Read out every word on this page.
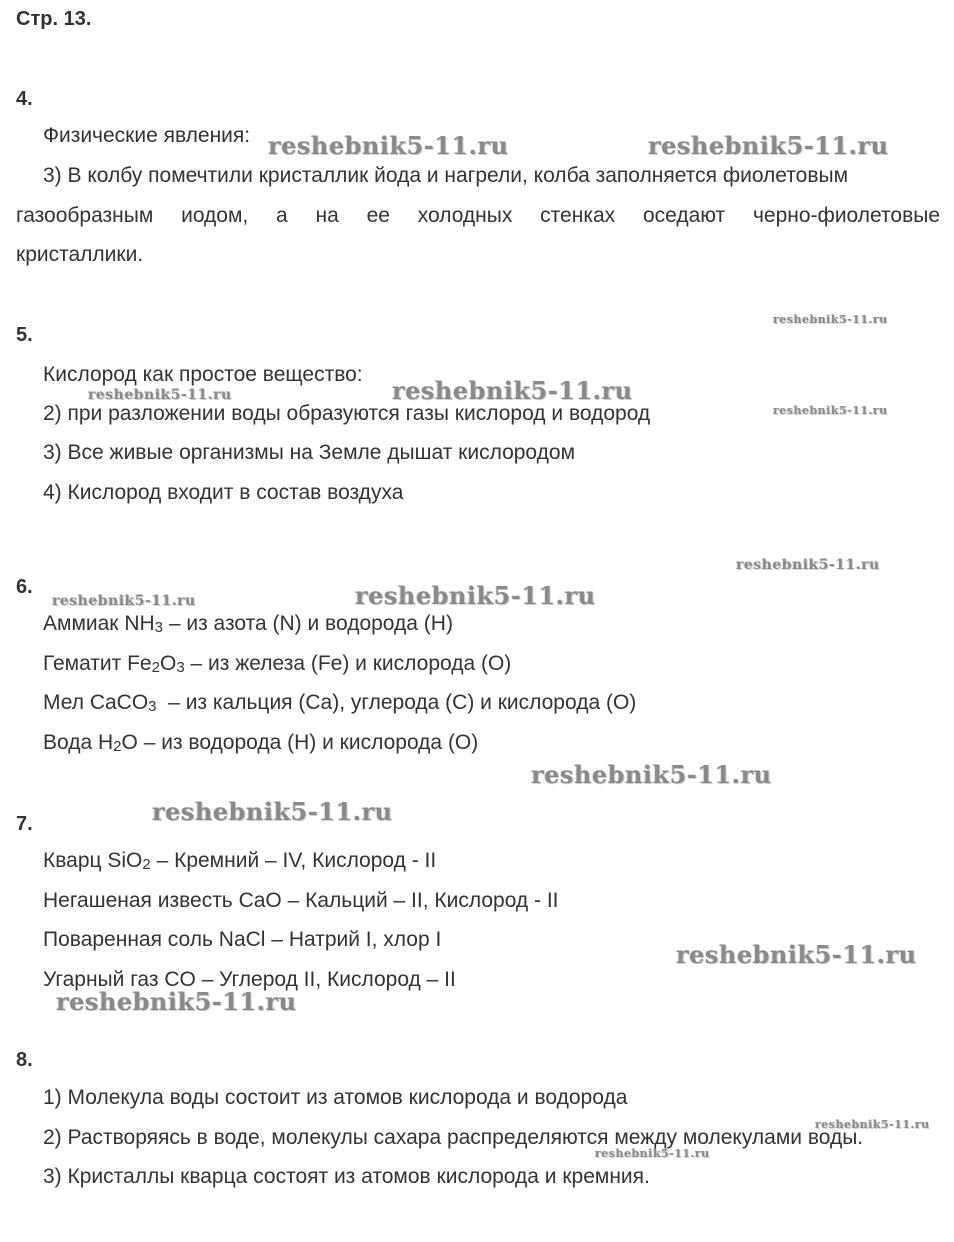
Стр. 13.
4.
Физические явления:
3) В колбу помечтили кристаллик йода и нагрели, колба заполняется фиолетовым
газообразным иодом, а на ее холодных стенках оседают черно-фиолетовые
кристаллики.
5.
Кислород как простое вещество:
2) при разложении воды образуются газы кислород и водород
3) Все живые организмы на Земле дышат кислородом
4) Кислород входит в состав воздуха
6.
Аммиак $NH_3$ – из азота (N) и водорода (H)
Гематит $Fe_2O_3$ – из железа (Fe) и кислорода (O)
Мел CaCO$_3$  – из кальция (Ca), углерода (C) и кислорода (O)
Вода $H_2O$ – из водорода (H) и кислорода (O)
7.
Кварц SiO$_2$ – Кремний – IV, Кислород - II
Негашеная известь CaO – Кальций – II, Кислород - II
Поваренная соль NaCl – Натрий I, хлор I
Угарный газ CO – Углерод II, Кислород – II
8.
1) Молекула воды состоит из атомов кислорода и водорода
2) Растворяясь в воде, молекулы сахара распределяются между молекулами воды.
3) Кристаллы кварца состоят из атомов кислорода и кремния.
reshebnik5-11.ru	reshebnik5-11.ru
reshebnik5-11.ru
reshebnik5-11.ru
reshebnik5-11.ru
reshebnik5-11.ru
reshebnik5-11.ru
reshebnik5-11.ru	reshebnik5-11.ru
reshebnik5-11.ru
reshebnik5-11.ru
reshebnik5-11.ru
reshebnik5-11.ru
reshebnik5-11.ru
reshebnik5-11.ru
